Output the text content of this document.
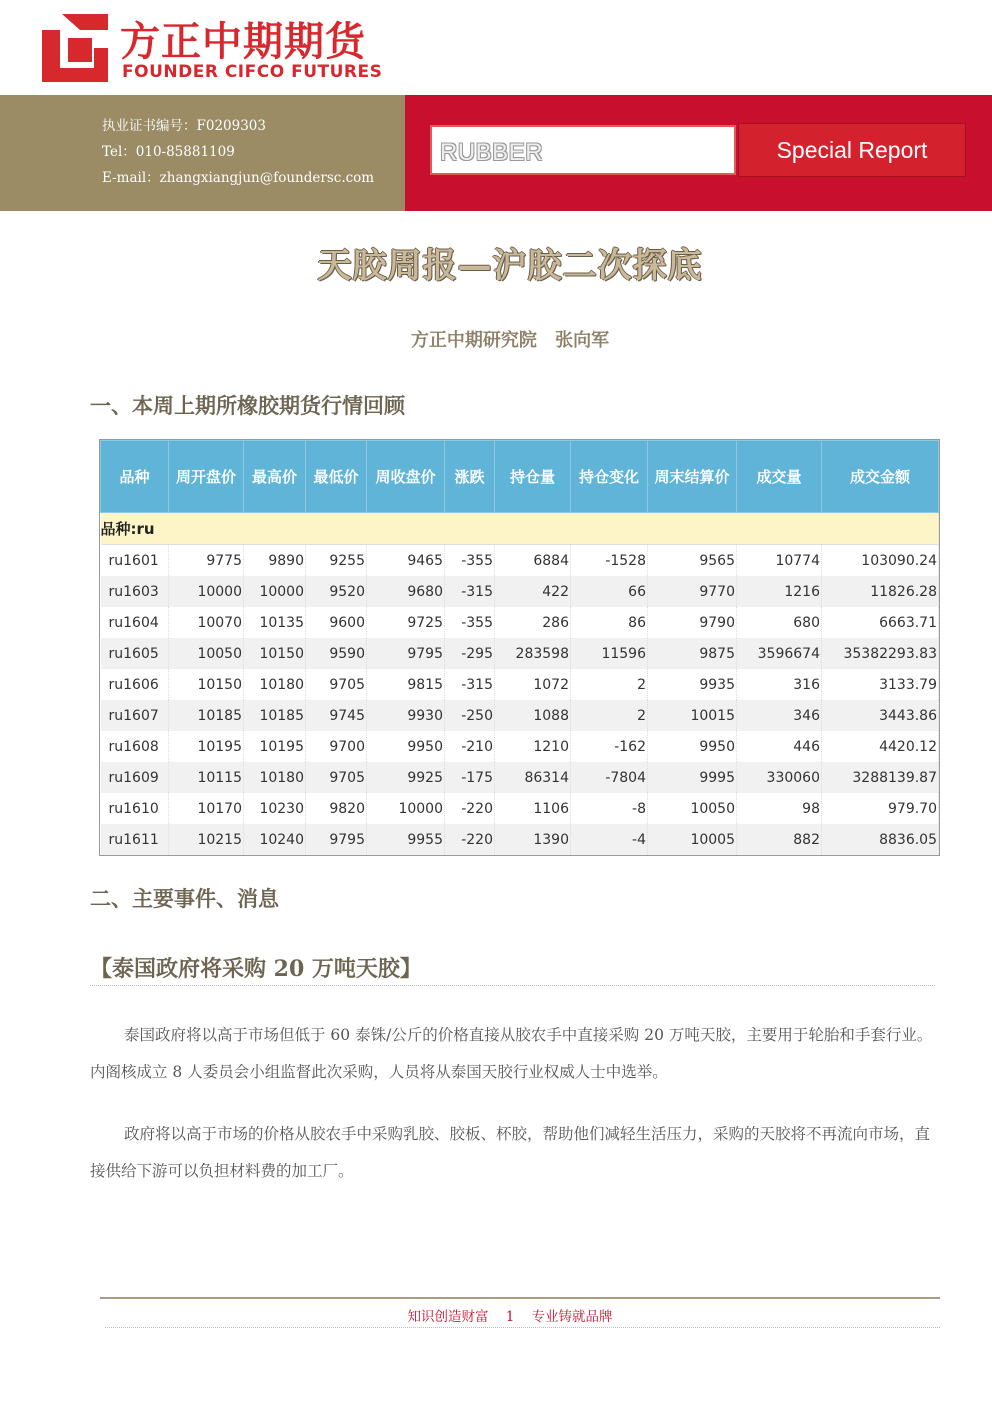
方正中期期货
FOUNDER CIFCO FUTURES
执业证书编号：F0209303
Tel：010-85881109
E-mail：zhangxiangjun@foundersc.com
RUBBER	Special Report
天胶周报—沪胶二次探底
方正中期研究院 张向军
一、本周上期所橡胶期货行情回顾
品种	周开盘价	最高价	最低价	周收盘价	涨跌	持仓量	持仓变化	周末结算价	成交量	成交金额
品种:ru										
ru1601	9775	9890	9255	9465	-355	6884	-1528	9565	10774	103090.24
ru1603	10000	10000	9520	9680	-315	422	66	9770	1216	11826.28
ru1604	10070	10135	9600	9725	-355	286	86	9790	680	6663.71
ru1605	10050	10150	9590	9795	-295	283598	11596	9875	3596674	35382293.83
ru1606	10150	10180	9705	9815	-315	1072	2	9935	316	3133.79
ru1607	10185	10185	9745	9930	-250	1088	2	10015	346	3443.86
ru1608	10195	10195	9700	9950	-210	1210	-162	9950	446	4420.12
ru1609	10115	10180	9705	9925	-175	86314	-7804	9995	330060	3288139.87
ru1610	10170	10230	9820	10000	-220	1106	-8	10050	98	979.70
ru1611	10215	10240	9795	9955	-220	1390	-4	10005	882	8836.05
二、主要事件、消息
【泰国政府将采购 20 万吨天胶】
泰国政府将以高于市场但低于 60 泰铢/公斤的价格直接从胶农手中直接采购 20 万吨天胶，主要用于轮胎和手套行业。内阁核成立 8 人委员会小组监督此次采购，人员将从泰国天胶行业权威人士中选举。
政府将以高于市场的价格从胶农手中采购乳胶、胶板、杯胶，帮助他们减轻生活压力，采购的天胶将不再流向市场，直接供给下游可以负担材料费的加工厂。
知识创造财富    1    专业铸就品牌
